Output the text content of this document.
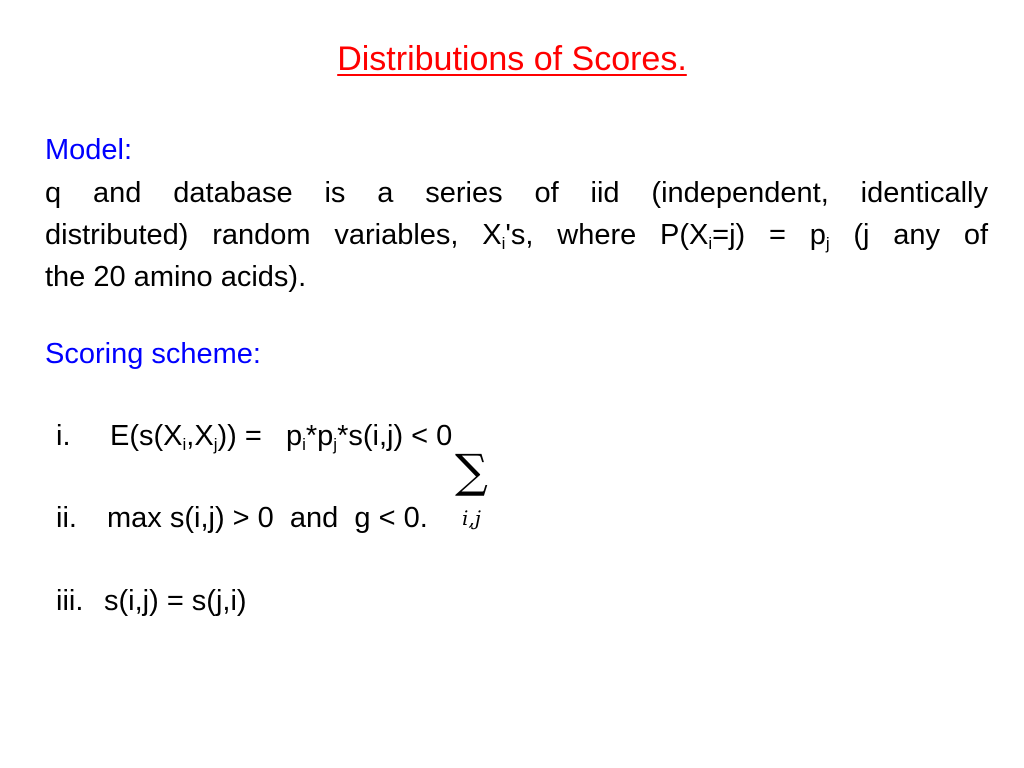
Distributions of Scores.
Model:
q and database is a series of iid (independent, identically
distributed) random variables, $X_i's$, where $P(X_i=j) = p_j$ (j any of
the 20 amino acids).
Scoring scheme:
i. $E(s(X_i,X_j)) = p_i*p_j*s(i,j) < 0$
∑
i,j
ii. max s(i,j) > 0  and  g < 0.
iii. s(i,j) = s(j,i)
